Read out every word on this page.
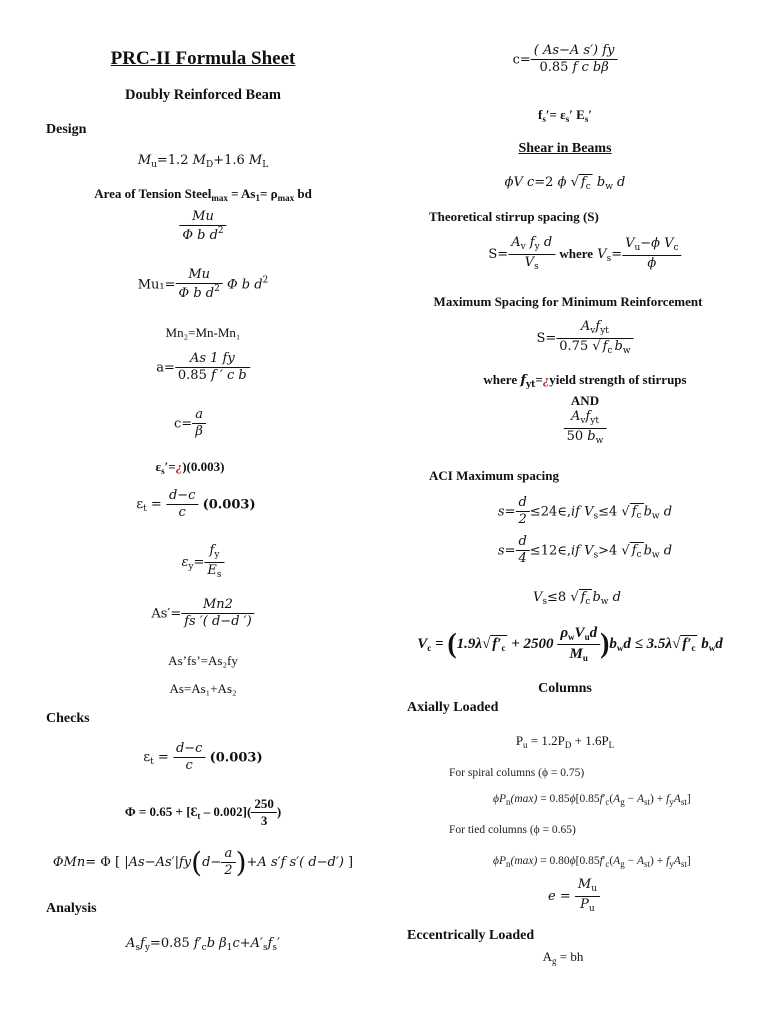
PRC-II Formula Sheet
Doubly Reinforced Beam
Design
$M_u=1.2$ $M_D+1.6$ $M_L$
Area of Tension Steel$_{max}$ = $As_1= \rho_{max}$ bd
$\frac{Mu}{\Phi b d^2}$
$Mu_1= \frac{Mu}{\Phi b d^2}$ Φ b $d^2$
Mn₂=Mn-Mn₁
$a= \frac{As 1 fy}{\text{0.85 f ′ c b}}$
$c= \frac{a}{\beta}$
$\varepsilon_s'=¿)(0.003)$
$\varepsilon_t = \frac{d-c}{c} (0.003)$
$\varepsilon_y= \frac{f_y}{E_s}$
$As'= \frac{Mn2}{fs '( d-d ')}$
As’fs’=As₂fy
As=As₁+As₂
Checks
$\varepsilon_t = \frac{d-c}{c} (0.003)$
$\Phi = 0.65 + [Ɛ_t - 0.002]( \frac{250}{3}$ )
ΦMn= Φ [ $|As-As'|fy(d- \frac{a}{2} )+A$ s′f s′( d−d′) ]
Analysis
$A_sf_y=0.85$ $f'_cb$ $\beta_1c+A'_sf_s'$
$c= \frac{\text{( As−A s′) fy}}{\text{0.85 f c bβ}}$
$f_s'= \varepsilon_s'$ $E_s'$
Shear in Beams
ϕV c=2 ϕ √ $f_c$ $b_w$ d
Theoretical stirrup spacing (S)
$S= \frac{A_v f_y d}{V_s}$ where $V_s= \frac{V_u-\phi V_c}{\phi}$
Maximum Spacing for Minimum Reinforcement
$S= \frac{A_vf_{yt}}{0.75 √ f_c b_w}$
where $f_{yt}=¿yield$ strength of stirrups
AND
$\frac{A_vf_{yt}}{50 b_w}$
ACI Maximum spacing
$s= \frac{d}{2}$ ≤24∈,if $V_s\le 4$ √ $f_c$ $b_w$ d
$s= \frac{d}{4}$ ≤12∈,if $V_s>4$ √ $f_c$ $b_w$ d
$V_s\le 8$ √ $f_c$ $b_w$ d
$V_c = (1.9\lambda√$ $f'_c + 2500 \frac{\rho_wV_ud}{M_u} )b_wd \le 3.5\lambda√$ $f'_c$ $b_wd$
Columns
Axially Loaded
$P_u = 1.2P_D + 1.6P_L$
For spiral columns (ϕ = 0.75)
$\phi P_n(\max) = 0.85\phi[0.85f'_c(A_g - A_{st}) + f_yA_{st}]$
For tied columns (ϕ = 0.65)
$\phi P_n(\max) = 0.80\phi[0.85f'_c(A_g - A_{st}) + f_yA_{st}]$
$e = \frac{M_u}{P_u}$
Eccentrically Loaded
$A_g$ = bh
